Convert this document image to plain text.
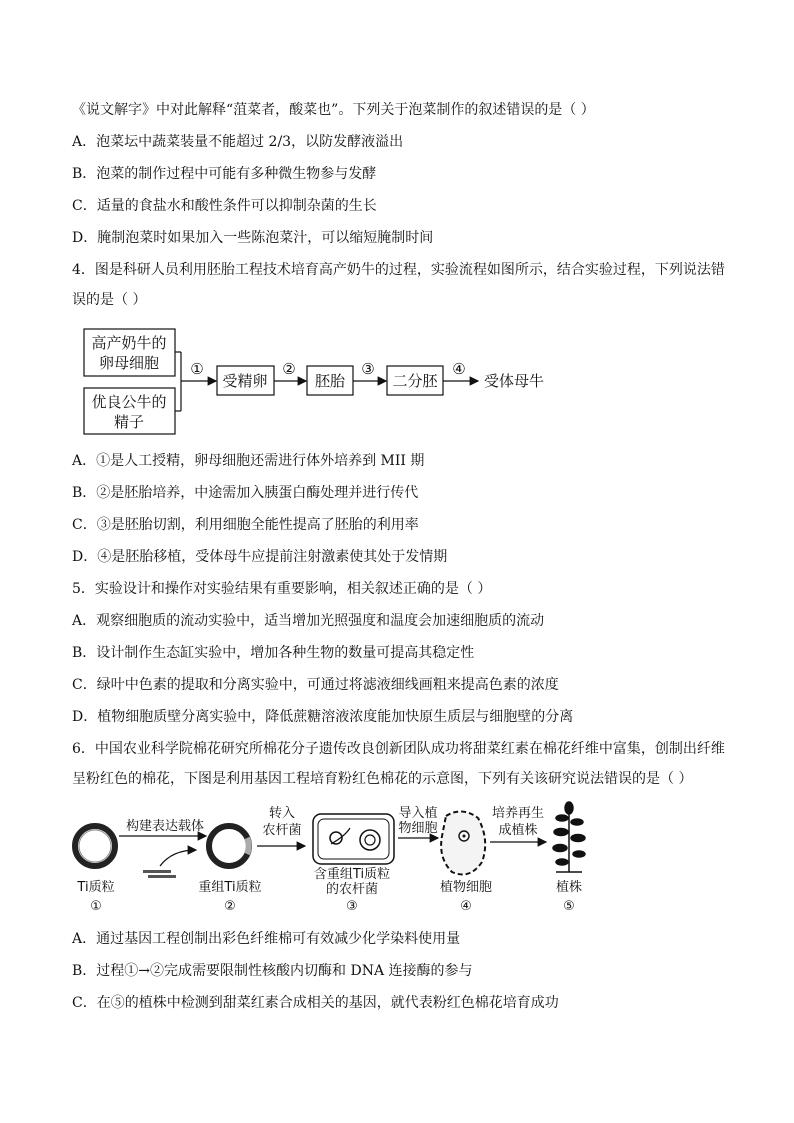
《说文解字》中对此解释“菹菜者，酸菜也”。下列关于泡菜制作的叙述错误的是（ ）
A．泡菜坛中蔬菜装量不能超过 2/3，以防发酵液溢出
B．泡菜的制作过程中可能有多种微生物参与发酵
C．适量的食盐水和酸性条件可以抑制杂菌的生长
D．腌制泡菜时如果加入一些陈泡菜汁，可以缩短腌制时间
4．图是科研人员利用胚胎工程技术培育高产奶牛的过程，实验流程如图所示，结合实验过程，下列说法错
误的是（ ）
高产奶牛的
卵母细胞
优良公牛的
精子
①
受精卵
②
胚胎
③
二分胚
④
受体母牛
A．①是人工授精，卵母细胞还需进行体外培养到 MII 期
B．②是胚胎培养，中途需加入胰蛋白酶处理并进行传代
C．③是胚胎切割，利用细胞全能性提高了胚胎的利用率
D．④是胚胎移植，受体母牛应提前注射激素使其处于发情期
5．实验设计和操作对实验结果有重要影响，相关叙述正确的是（ ）
A．观察细胞质的流动实验中，适当增加光照强度和温度会加速细胞质的流动
B．设计制作生态缸实验中，增加各种生物的数量可提高其稳定性
C．绿叶中色素的提取和分离实验中，可通过将滤液细线画粗来提高色素的浓度
D．植物细胞质壁分离实验中，降低蔗糖溶液浓度能加快原生质层与细胞壁的分离
6．中国农业科学院棉花研究所棉花分子遗传改良创新团队成功将甜菜红素在棉花纤维中富集，创制出纤维
呈粉红色的棉花，下图是利用基因工程培育粉红色棉花的示意图，下列有关该研究说法错误的是（ ）
构建表达载体
转入
农杆菌
导入植
物细胞
培养再生
成植株
Ti质粒	重组Ti质粒
含重组Ti质粒
的农杆菌	植物细胞	植株
①	②	③	④	⑤
A．通过基因工程创制出彩色纤维棉可有效减少化学染料使用量
B．过程①→②完成需要限制性核酸内切酶和 DNA 连接酶的参与
C．在⑤的植株中检测到甜菜红素合成相关的基因，就代表粉红色棉花培育成功
